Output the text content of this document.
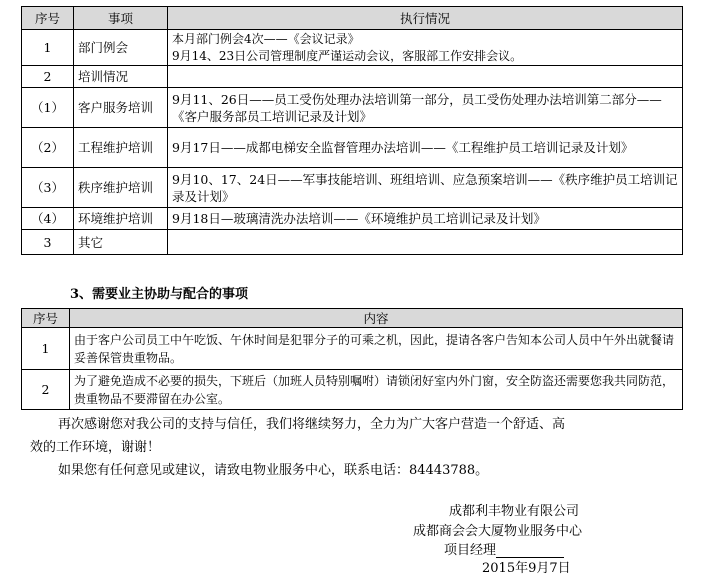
序号	事项	执行情况
1	部门例会	本月部门例会4次——《会议记录》
9月14、23日公司管理制度严谨运动会议，客服部工作安排会议。
2	培训情况	
（1）	客户服务培训	9月11、26日——员工受伤处理办法培训第一部分，员工受伤处理办法培训第二部分——《客户服务部员工培训记录及计划》
（2）	工程维护培训	9月17日——成都电梯安全监督管理办法培训——《工程维护员工培训记录及计划》
（3）	秩序维护培训	9月10、17、24日——军事技能培训、班组培训、应急预案培训——《秩序维护员工培训记录及计划》
（4）	环境维护培训	9月18日—玻璃清洗办法培训——《环境维护员工培训记录及计划》
3	其它	
3、需要业主协助与配合的事项
序号	内容
1	由于客户公司员工中午吃饭、午休时间是犯罪分子的可乘之机，因此，提请各客户告知本公司人员中午外出就餐请妥善保管贵重物品。
2	为了避免造成不必要的损失，下班后（加班人员特别嘱咐）请锁闭好室内外门窗，安全防盗还需要您我共同防范，贵重物品不要滞留在办公室。
再次感谢您对我公司的支持与信任，我们将继续努力，全力为广大客户营造一个舒适、高
效的工作环境，谢谢！
如果您有任何意见或建议，请致电物业服务中心，联系电话：84443788。
成都利丰物业有限公司
成都商会会大厦物业服务中心
项目经理
2015年9月7日
